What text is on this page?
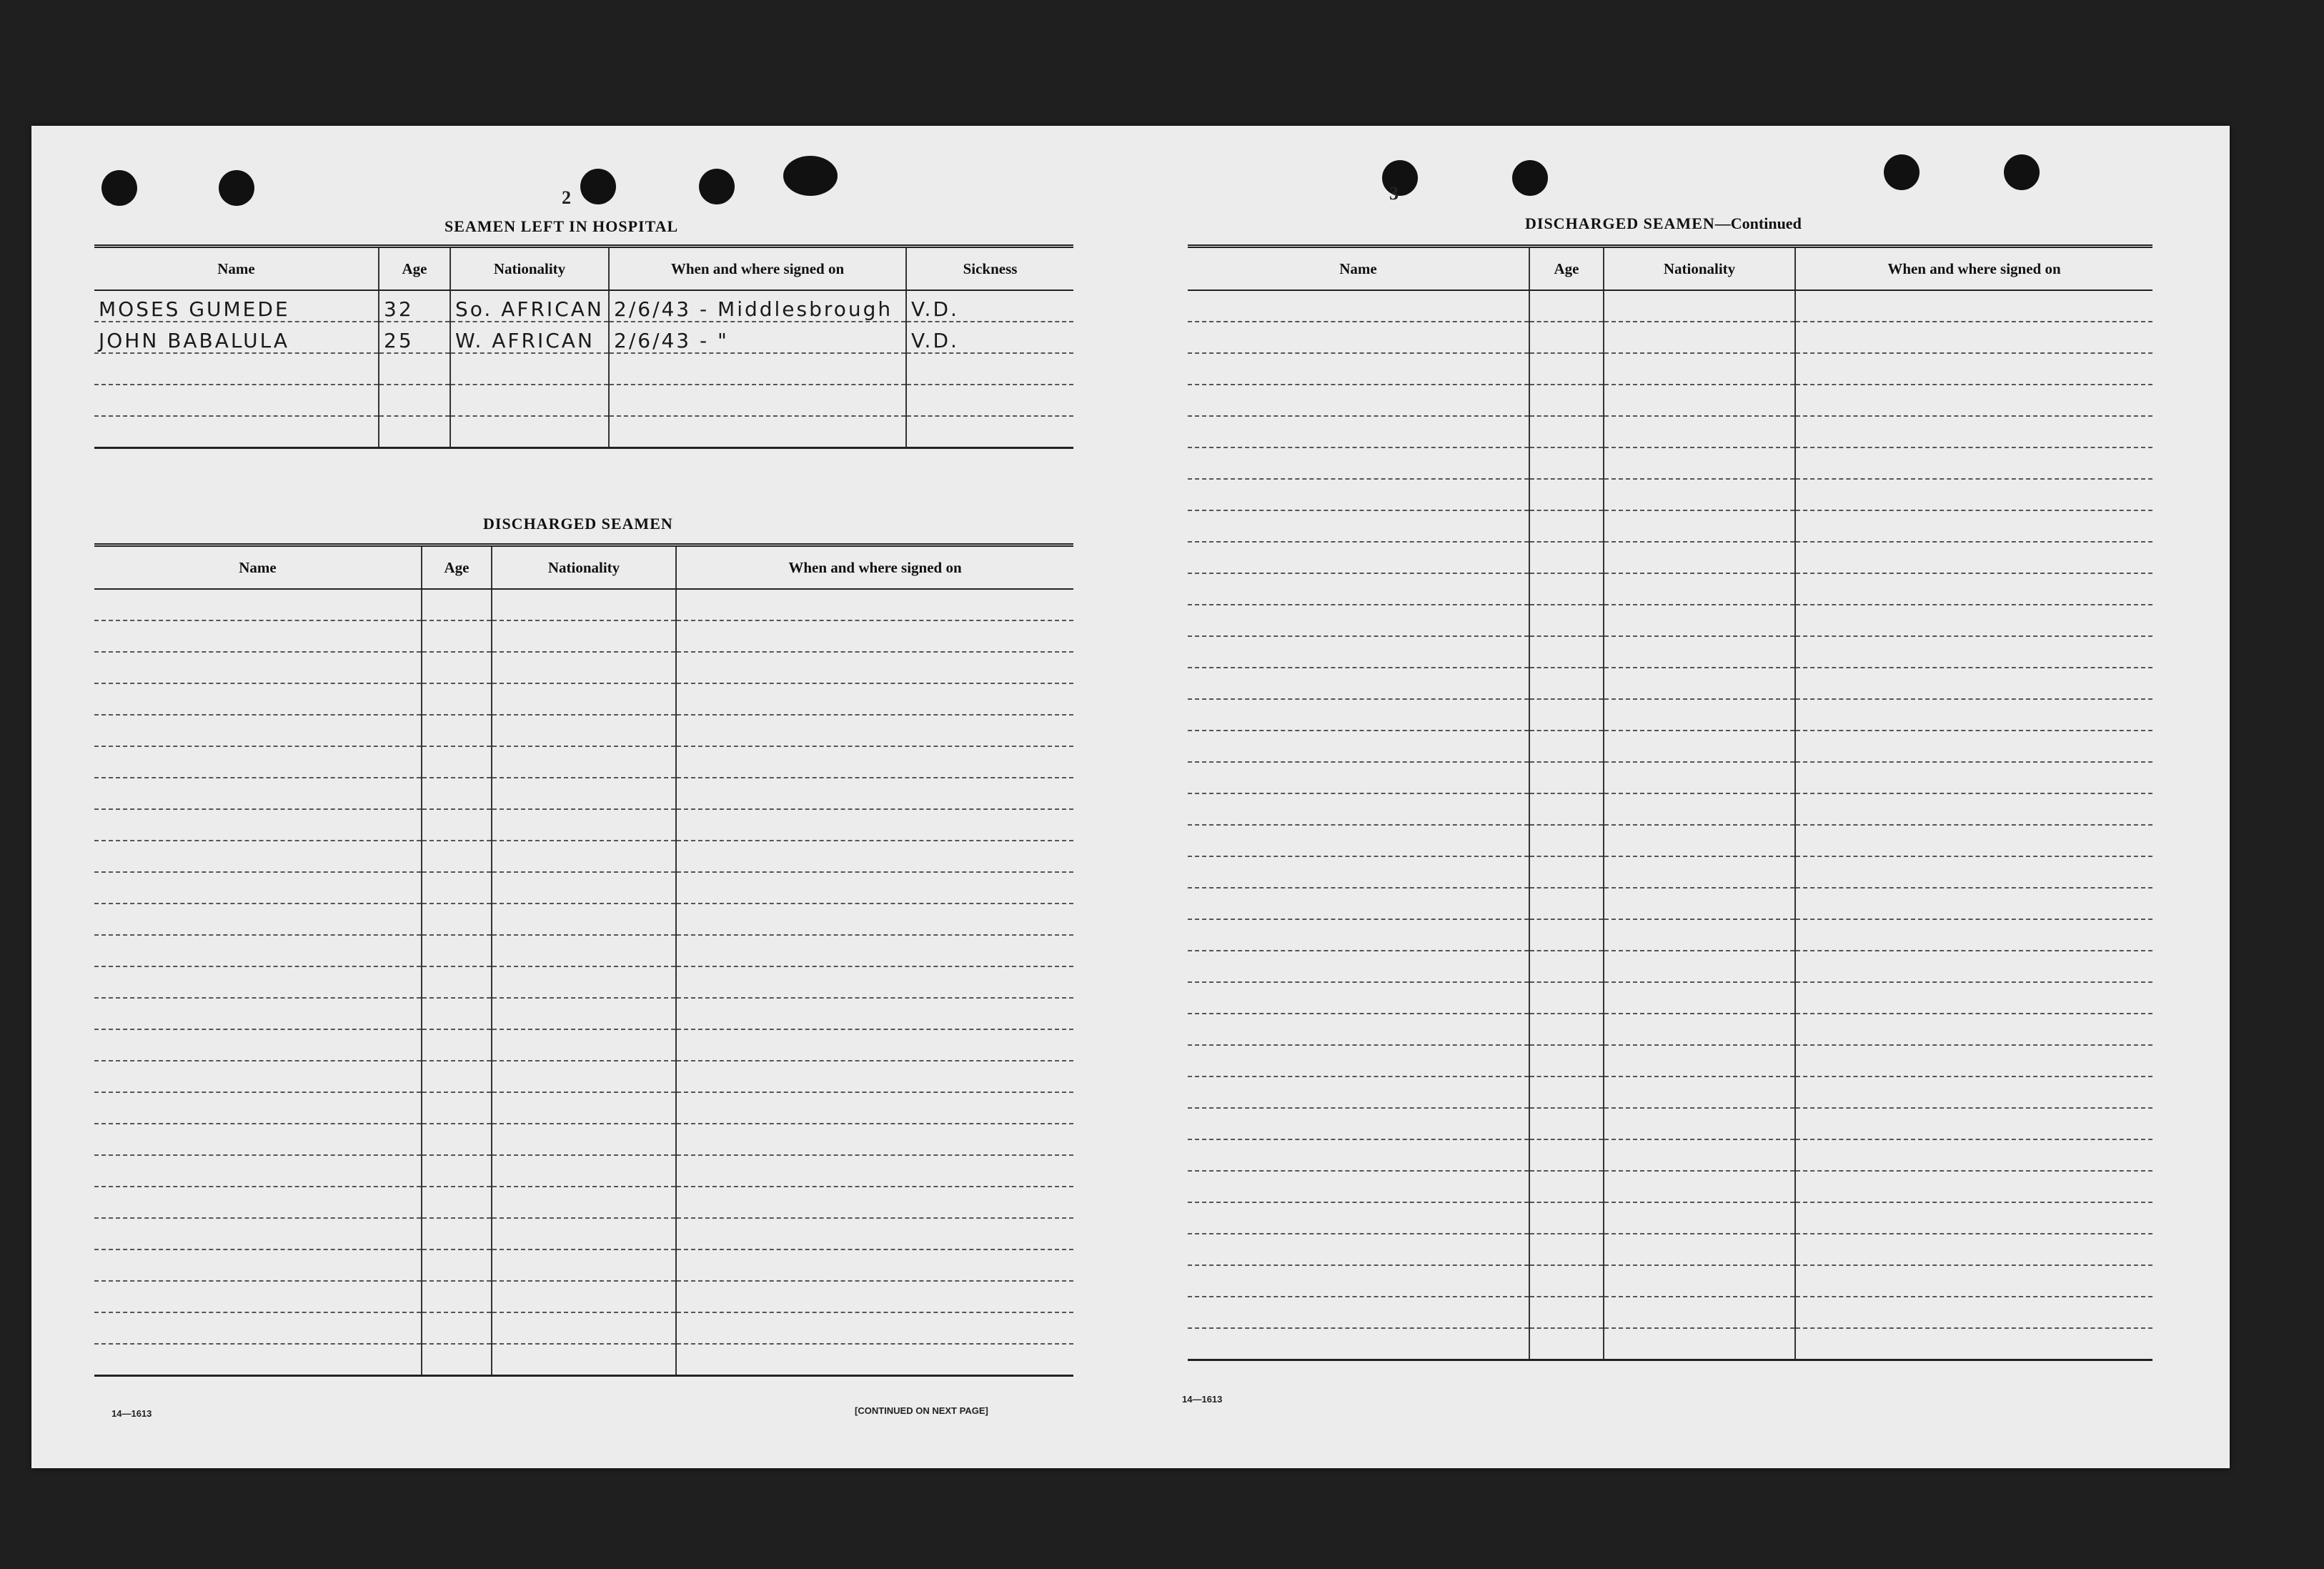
2
SEAMEN LEFT IN HOSPITAL
Name	Age	Nationality	When and where signed on	Sickness
MOSES GUMEDE	32	So. AFRICAN	2/6/43 - Middlesbrough	V.D.
JOHN BABALULA	25	W. AFRICAN	2/6/43 - "	V.D.

DISCHARGED SEAMEN
Name	Age	Nationality	When and where signed on

14—1613	[CONTINUED ON NEXT PAGE]
3
DISCHARGED SEAMEN—Continued
Name	Age	Nationality	When and where signed on

14—1613
